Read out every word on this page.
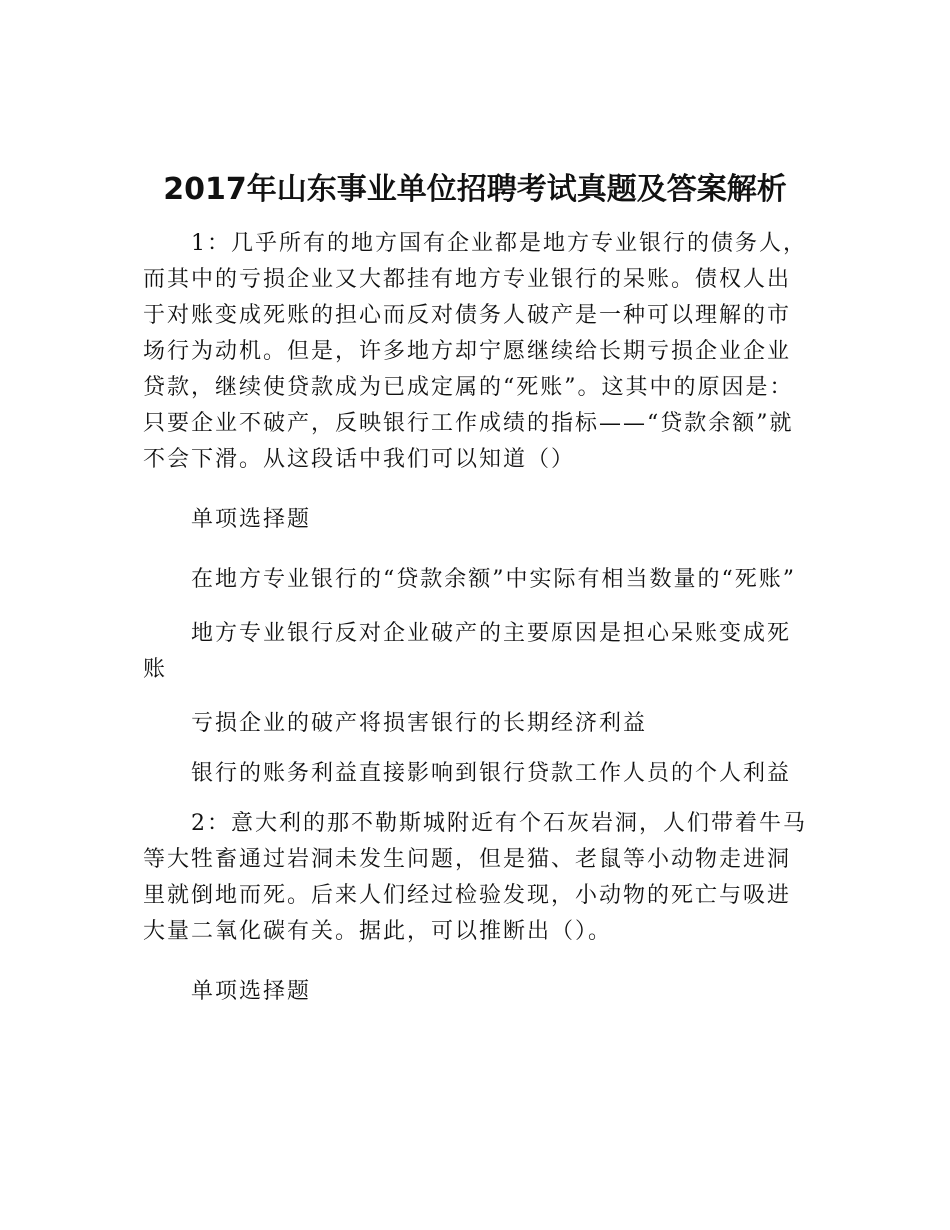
2017年山东事业单位招聘考试真题及答案解析

1：几乎所有的地方国有企业都是地方专业银行的债务人，而其中的亏损企业又大都挂有地方专业银行的呆账。债权人出于对账变成死账的担心而反对债务人破产是一种可以理解的市场行为动机。但是，许多地方却宁愿继续给长期亏损企业企业贷款，继续使贷款成为已成定属的“死账”。这其中的原因是：只要企业不破产，反映银行工作成绩的指标——“贷款余额”就不会下滑。从这段话中我们可以知道（）

单项选择题

在地方专业银行的“贷款余额”中实际有相当数量的“死账”

地方专业银行反对企业破产的主要原因是担心呆账变成死账

亏损企业的破产将损害银行的长期经济利益

银行的账务利益直接影响到银行贷款工作人员的个人利益

2：意大利的那不勒斯城附近有个石灰岩洞，人们带着牛马等大牲畜通过岩洞未发生问题，但是猫、老鼠等小动物走进洞里就倒地而死。后来人们经过检验发现，小动物的死亡与吸进大量二氧化碳有关。据此，可以推断出（）。

单项选择题
